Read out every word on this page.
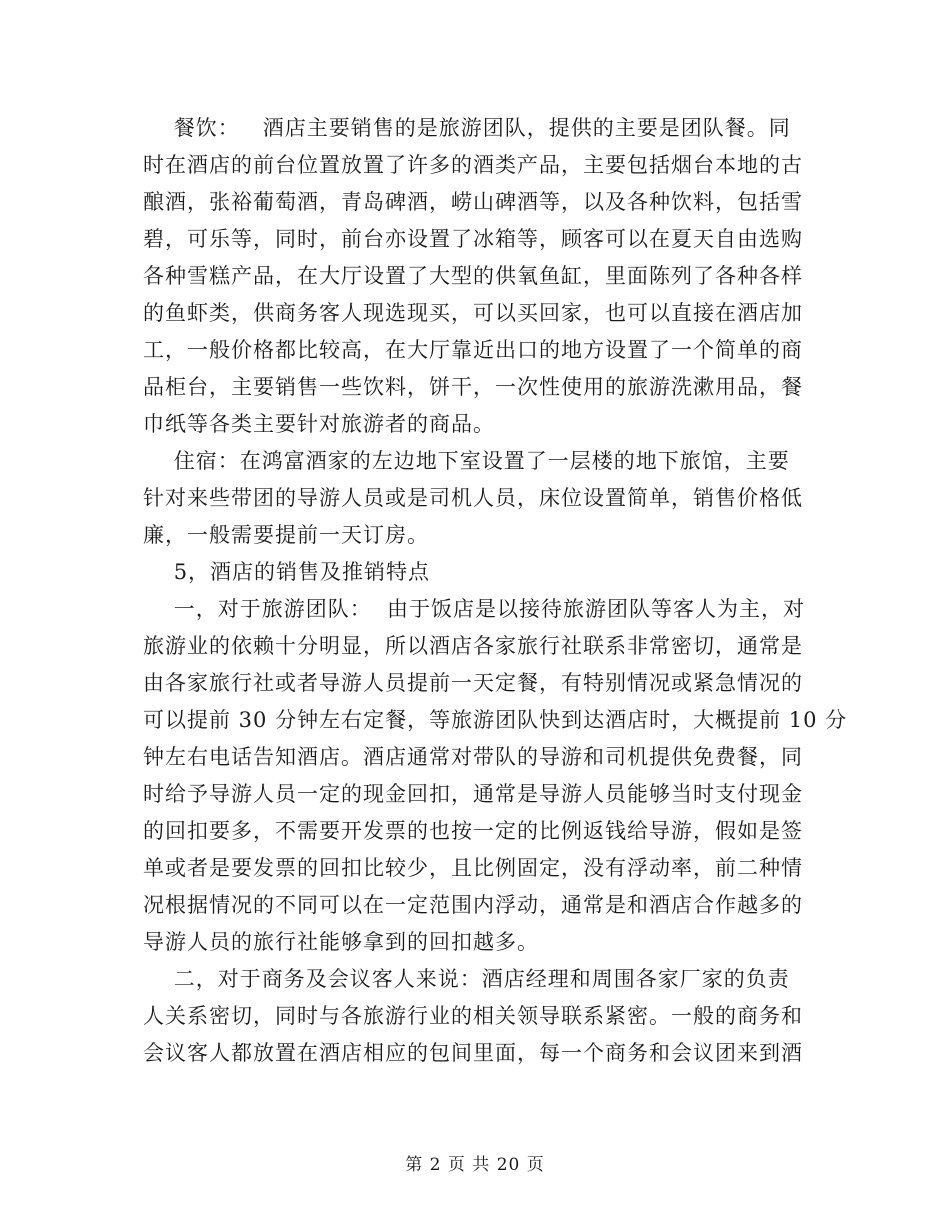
餐饮：   酒店主要销售的是旅游团队，提供的主要是团队餐。同
时在酒店的前台位置放置了许多的酒类产品，主要包括烟台本地的古
酿酒，张裕葡萄酒，青岛碑酒，崂山碑酒等，以及各种饮料，包括雪
碧，可乐等，同时，前台亦设置了冰箱等，顾客可以在夏天自由选购
各种雪糕产品，在大厅设置了大型的供氧鱼缸，里面陈列了各种各样
的鱼虾类，供商务客人现选现买，可以买回家，也可以直接在酒店加
工，一般价格都比较高，在大厅靠近出口的地方设置了一个简单的商
品柜台，主要销售一些饮料，饼干，一次性使用的旅游洗漱用品，餐
巾纸等各类主要针对旅游者的商品。
住宿：在鸿富酒家的左边地下室设置了一层楼的地下旅馆，主要
针对来些带团的导游人员或是司机人员，床位设置简单，销售价格低
廉，一般需要提前一天订房。
5，酒店的销售及推销特点
一，对于旅游团队：  由于饭店是以接待旅游团队等客人为主，对
旅游业的依赖十分明显，所以酒店各家旅行社联系非常密切，通常是
由各家旅行社或者导游人员提前一天定餐，有特别情况或紧急情况的
可以提前 30 分钟左右定餐，等旅游团队快到达酒店时，大概提前 10 分
钟左右电话告知酒店。酒店通常对带队的导游和司机提供免费餐，同
时给予导游人员一定的现金回扣，通常是导游人员能够当时支付现金
的回扣要多，不需要开发票的也按一定的比例返钱给导游，假如是签
单或者是要发票的回扣比较少，且比例固定，没有浮动率，前二种情
况根据情况的不同可以在一定范围内浮动，通常是和酒店合作越多的
导游人员的旅行社能够拿到的回扣越多。
二，对于商务及会议客人来说：酒店经理和周围各家厂家的负责
人关系密切，同时与各旅游行业的相关领导联系紧密。一般的商务和
会议客人都放置在酒店相应的包间里面，每一个商务和会议团来到酒
第 2 页 共 20 页
